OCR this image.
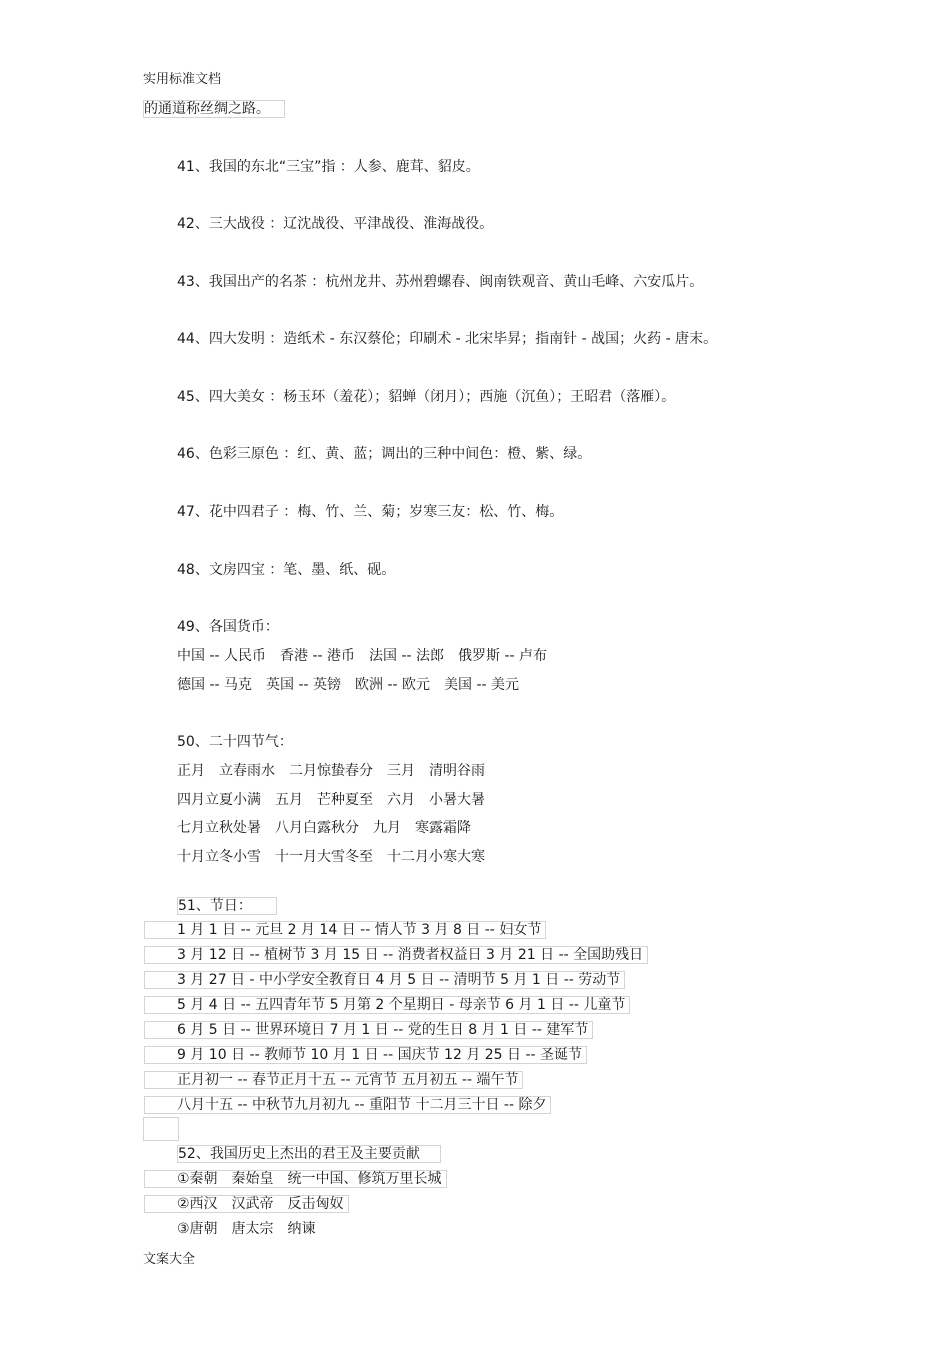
实用标准文档
的通道称丝绸之路。
41、我国的东北“三宝”指 ：人参、鹿茸、貂皮。
42、三大战役 ：辽沈战役、平津战役、淮海战役。
43、我国出产的名茶 ：杭州龙井、苏州碧螺春、闽南铁观音、黄山毛峰、六安瓜片。
44、四大发明 ：造纸术 - 东汉蔡伦；印刷术 - 北宋毕昇；指南针 - 战国；火药 - 唐末。
45、四大美女 ：杨玉环（羞花）；貂蝉（闭月）；西施（沉鱼）；王昭君（落雁）。
46、色彩三原色 ：红、黄、蓝；调出的三种中间色：橙、紫、绿。
47、花中四君子 ：梅、竹、兰、菊；岁寒三友：松、竹、梅。
48、文房四宝 ：笔、墨、纸、砚。
49、各国货币：
中国 -- 人民币　香港 -- 港币　法国 -- 法郎　俄罗斯 -- 卢布
德国 -- 马克　英国 -- 英镑　欧洲 -- 欧元　美国 -- 美元
50、二十四节气：
正月　立春雨水　二月惊蛰春分　三月　清明谷雨
四月立夏小满　五月　芒种夏至　六月　小暑大暑
七月立秋处暑　八月白露秋分　九月　寒露霜降
十月立冬小雪　十一月大雪冬至　十二月小寒大寒
51、节日：
1 月 1 日 -- 元旦 2 月 14 日 -- 情人节 3 月 8 日 -- 妇女节
3 月 12 日 -- 植树节 3 月 15 日 -- 消费者权益日 3 月 21 日 -- 全国助残日
3 月 27 日 - 中小学安全教育日 4 月 5 日 -- 清明节 5 月 1 日 -- 劳动节
5 月 4 日 -- 五四青年节 5 月第 2 个星期日 - 母亲节 6 月 1 日 -- 儿童节
6 月 5 日 -- 世界环境日 7 月 1 日 -- 党的生日 8 月 1 日 -- 建军节
9 月 10 日 -- 教师节 10 月 1 日 -- 国庆节 12 月 25 日 -- 圣诞节
正月初一 -- 春节正月十五 -- 元宵节 五月初五 -- 端午节
八月十五 -- 中秋节九月初九 -- 重阳节 十二月三十日 -- 除夕
52、我国历史上杰出的君王及主要贡献
①秦朝　秦始皇　统一中国、修筑万里长城
②西汉　汉武帝　反击匈奴
③唐朝　唐太宗　纳谏
文案大全
